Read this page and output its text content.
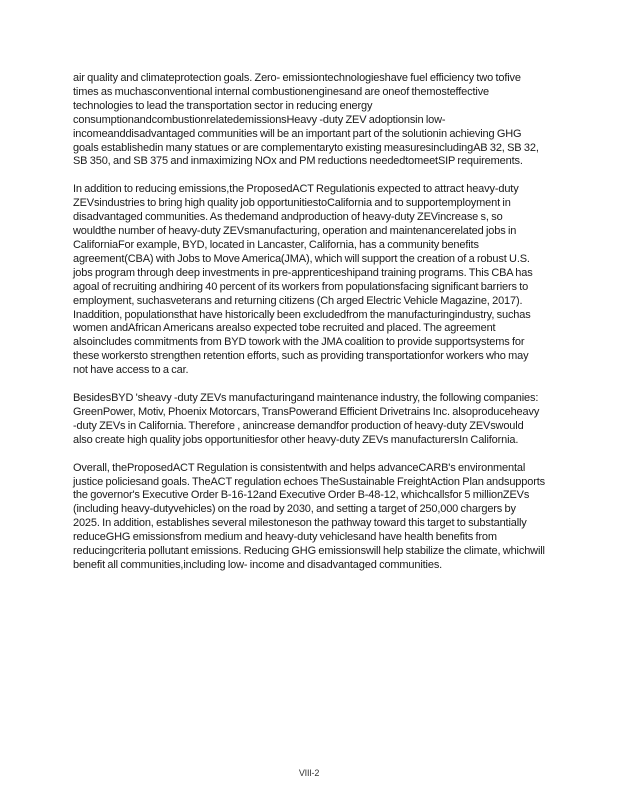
air quality and climateprotection goals. Zero- emissiontechnologieshave fuel efficiency two tofive times as muchasconventional internal combustionenginesand are oneof themosteffective technologies to lead the transportation sector in reducing energy consumptionandcombustionrelatedemissionsHeavy -duty ZEV adoptionsin low-incomeanddisadvantaged communities will be an important part of the solutionin achieving GHG goals establishedin many statues or are complementaryto existing measuresincludingAB 32, SB 32, SB 350, and SB 375 and inmaximizing NOx and PM reductions neededtomeetSIP requirements.

In addition to reducing emissions,the ProposedACT Regulationis expected to attract heavy-duty ZEVsindustries to bring high quality job opportunitiestoCalifornia and to supportemployment in disadvantaged communities. As thedemand andproduction of heavy-duty ZEVincrease s, so wouldthe number of heavy-duty ZEVsmanufacturing, operation and maintenancerelated jobs in CaliforniaFor example, BYD, located in Lancaster, California, has a community benefits agreement(CBA) with Jobs to Move America(JMA), which will support the creation of a robust U.S. jobs program through deep investments in pre-apprenticeshipand training programs. This CBA has agoal of recruiting andhiring 40 percent of its workers from populationsfacing significant barriers to employment, suchasveterans and returning citizens (Ch arged Electric Vehicle Magazine, 2017). Inaddition, populationsthat have historically been excludedfrom the manufacturingindustry, suchas women andAfrican Americans arealso expected tobe recruited and placed. The agreement alsoincludes commitments from BYD towork with the JMA coalition to provide supportsystems for these workersto strengthen retention efforts, such as providing transportationfor workers who may not have access to a car.

BesidesBYD 'sheavy -duty ZEVs manufacturingand maintenance industry, the following companies: GreenPower, Motiv, Phoenix Motorcars, TransPowerand Efficient Drivetrains Inc. alsoproduceheavy -duty ZEVs in California. Therefore , anincrease demandfor production of heavy-duty ZEVswould also create high quality jobs opportunitiesfor other heavy-duty ZEVs manufacturersIn California.

Overall, theProposedACT Regulation is consistentwith and helps advanceCARB's environmental justice policiesand goals. TheACT regulation echoes TheSustainable FreightAction Plan andsupports the governor's Executive Order B-16-12and Executive Order B-48-12, whichcallsfor 5 millionZEVs (including heavy-dutyvehicles) on the road by 2030, and setting a target of 250,000 chargers by 2025. In addition, establishes several milestoneson the pathway toward this target to substantially reduceGHG emissionsfrom medium and heavy-duty vehiclesand have health benefits from reducingcriteria pollutant emissions. Reducing GHG emissionswill help stabilize the climate, whichwill benefit all communities,including low- income and disadvantaged communities.

VIII-2
